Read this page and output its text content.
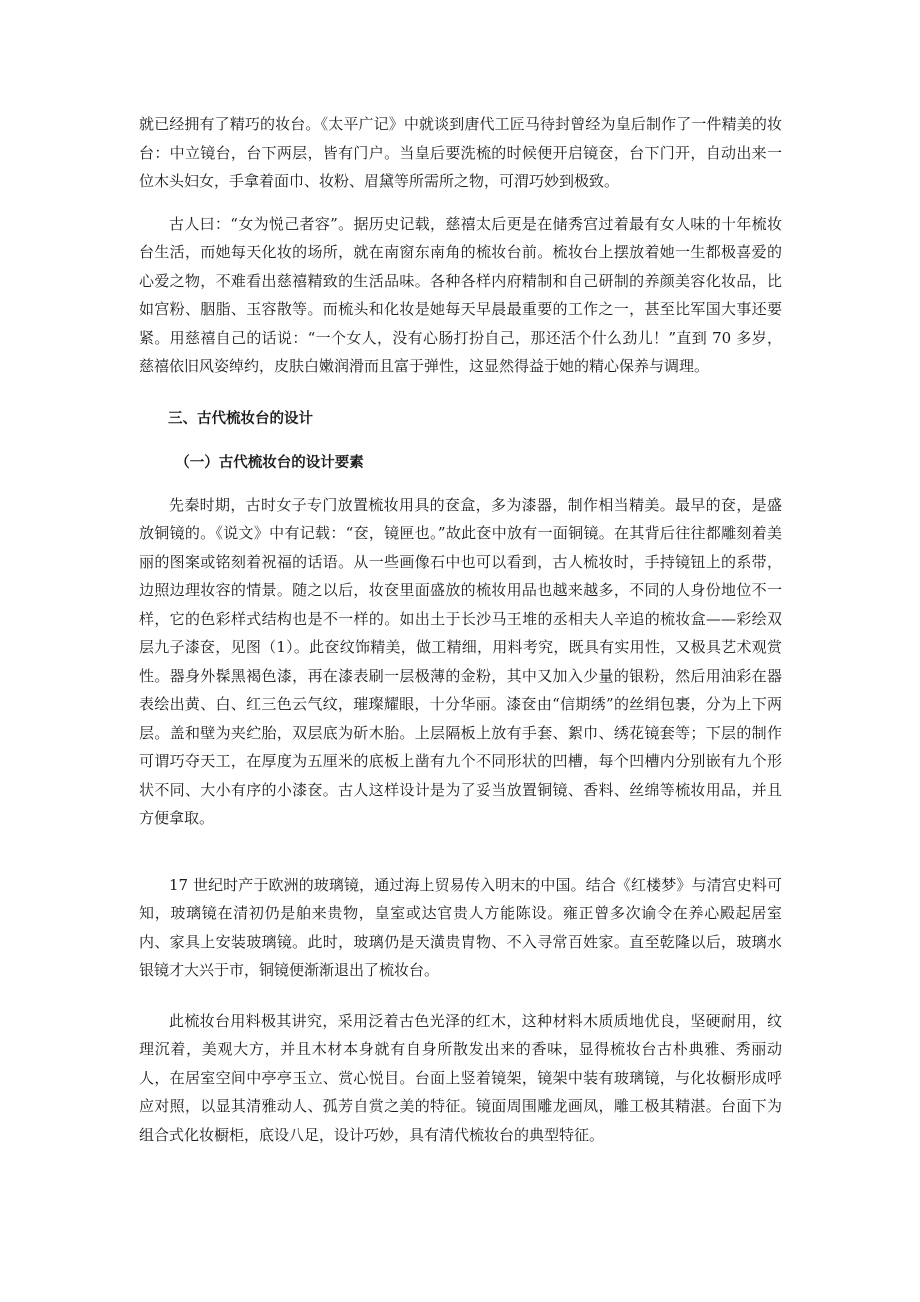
就已经拥有了精巧的妆台。《太平广记》中就谈到唐代工匠马待封曾经为皇后制作了一件精美的妆台：中立镜台，台下两层，皆有门户。当皇后要洗梳的时候便开启镜奁，台下门开，自动出来一位木头妇女，手拿着面巾、妆粉、眉黛等所需所之物，可渭巧妙到极致。

古人曰：“女为悦己者容”。据历史记载，慈禧太后更是在储秀宫过着最有女人味的十年梳妆台生活，而她每天化妆的场所，就在南窗东南角的梳妆台前。梳妆台上摆放着她一生都极喜爱的心爱之物，不难看出慈禧精致的生活品味。各种各样内府精制和自己研制的养颜美容化妆品，比如宫粉、胭脂、玉容散等。而梳头和化妆是她每天早晨最重要的工作之一，甚至比军国大事还要紧。用慈禧自己的话说：“一个女人，没有心肠打扮自己，那还活个什么劲儿！”直到 70 多岁，慈禧依旧风姿绰约，皮肤白嫩润滑而且富于弹性，这显然得益于她的精心保养与调理。

三、古代梳妆台的设计

（一）古代梳妆台的设计要素

先秦时期，古时女子专门放置梳妆用具的奁盒，多为漆器，制作相当精美。最早的奁，是盛放铜镜的。《说文》中有记载：“奁，镜匣也。”故此奁中放有一面铜镜。在其背后往往都雕刻着美丽的图案或铭刻着祝福的话语。从一些画像石中也可以看到，古人梳妆时，手持镜钮上的系带，边照边理妆容的情景。随之以后，妆奁里面盛放的梳妆用品也越来越多，不同的人身份地位不一样，它的色彩样式结构也是不一样的。如出土于长沙马王堆的丞相夫人辛追的梳妆盒——彩绘双层九子漆奁，见图（1）。此奁纹饰精美，做工精细，用料考究，既具有实用性，又极具艺术观赏性。器身外髹黑褐色漆，再在漆表刷一层极薄的金粉，其中又加入少量的银粉，然后用油彩在器表绘出黄、白、红三色云气纹，璀璨耀眼，十分华丽。漆奁由“信期绣”的丝绢包裹，分为上下两层。盖和壁为夹纻胎，双层底为斫木胎。上层隔板上放有手套、絮巾、绣花镜套等；下层的制作可谓巧夺天工，在厚度为五厘米的底板上凿有九个不同形状的凹槽，每个凹槽内分别嵌有九个形状不同、大小有序的小漆奁。古人这样设计是为了妥当放置铜镜、香料、丝绵等梳妆用品，并且方便拿取。

17 世纪时产于欧洲的玻璃镜，通过海上贸易传入明末的中国。结合《红楼梦》与清宫史料可知，玻璃镜在清初仍是舶来贵物，皇室或达官贵人方能陈设。雍正曾多次谕令在养心殿起居室内、家具上安装玻璃镜。此时，玻璃仍是天潢贵胄物、不入寻常百姓家。直至乾隆以后，玻璃水银镜才大兴于市，铜镜便渐渐退出了梳妆台。

此梳妆台用料极其讲究，采用泛着古色光泽的红木，这种材料木质质地优良，坚硬耐用，纹理沉着，美观大方，并且木材本身就有自身所散发出来的香味，显得梳妆台古朴典雅、秀丽动人，在居室空间中亭亭玉立、赏心悦目。台面上竖着镜架，镜架中装有玻璃镜，与化妆橱形成呼应对照，以显其清雅动人、孤芳自赏之美的特征。镜面周围雕龙画凤，雕工极其精湛。台面下为组合式化妆橱柜，底设八足，设计巧妙，具有清代梳妆台的典型特征。
